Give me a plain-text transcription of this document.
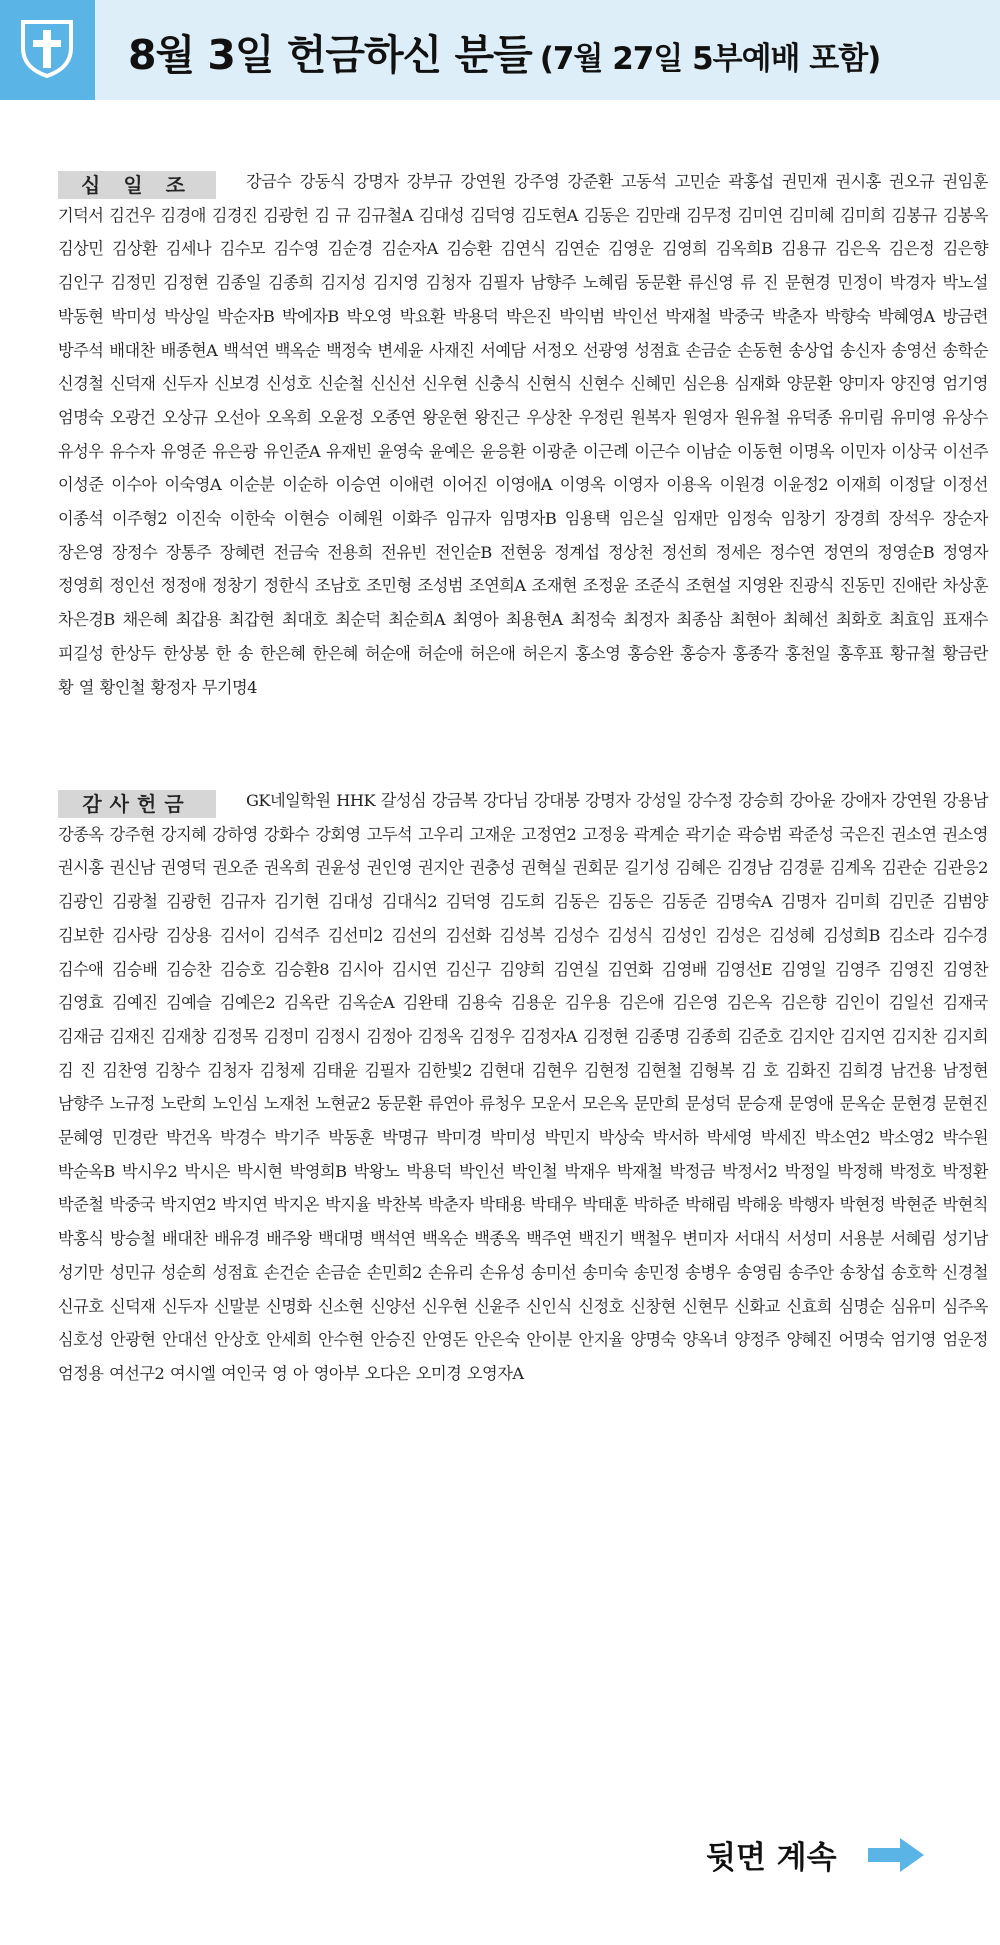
8월 3일 헌금하신 분들 (7월 27일 5부예배 포함)
십 일 조	강금수 강동식 강명자 강부규 강연원 강주영 강준환 고동석 고민순 곽홍섭 권민재 권시홍 권오규 권임훈 기덕서 김건우 김경애 김경진 김광헌 김 규 김규철A 김대성 김덕영 김도현A 김동은 김만래 김무정 김미연 김미혜 김미희 김봉규 김봉옥 김상민 김상환 김세나 김수모 김수영 김순경 김순자A 김승환 김연식 김연순 김영운 김영희 김옥희B 김용규 김은옥 김은정 김은향 김인구 김정민 김정현 김종일 김종희 김지성 김지영 김청자 김필자 남향주 노혜림 동문환 류신영 류 진 문현경 민정이 박경자 박노설 박동현 박미성 박상일 박순자B 박에자B 박오영 박요환 박용덕 박은진 박익범 박인선 박재철 박중국 박춘자 박향숙 박혜영A 방금련 방주석 배대찬 배종현A 백석연 백옥순 백정숙 변세윤 사재진 서예담 서정오 선광영 성점효 손금순 손동현 송상업 송신자 송영선 송학순 신경철 신덕재 신두자 신보경 신성호 신순철 신신선 신우현 신충식 신현식 신현수 신혜민 심은용 심재화 양문환 양미자 양진영 엄기영 엄명숙 오광건 오상규 오선아 오옥희 오윤정 오종연 왕운현 왕진근 우상찬 우정린 원복자 원영자 원유철 유덕종 유미림 유미영 유상수 유성우 유수자 유영준 유은광 유인준A 유재빈 윤영숙 윤예은 윤응환 이광춘 이근례 이근수 이남순 이동현 이명옥 이민자 이상국 이선주 이성준 이수아 이숙영A 이순분 이순하 이승연 이애련 이어진 이영애A 이영옥 이영자 이용옥 이원경 이윤정2 이재희 이정달 이정선 이종석 이주형2 이진숙 이한숙 이현승 이혜원 이화주 임규자 임명자B 임용택 임은실 임재만 임정숙 임창기 장경희 장석우 장순자 장은영 장정수 장통주 장혜련 전금숙 전용희 전유빈 전인순B 전현웅 정계섭 정상천 정선희 정세은 정수연 정연의 정영순B 정영자 정영희 정인선 정정애 정창기 정한식 조남호 조민형 조성범 조연희A 조재현 조정윤 조준식 조현설 지영완 진광식 진동민 진애란 차상훈 차은경B 채은혜 최갑용 최갑현 최대호 최순덕 최순희A 최영아 최용현A 최정숙 최정자 최종삼 최현아 최혜선 최화호 최효임 표재수 피길성 한상두 한상봉 한 송 한은혜 한은혜 허순애 허순애 허은애 허은지 홍소영 홍승완 홍승자 홍종각 홍천일 홍후표 황규철 황금란 황 열 황인철 황정자 무기명4

감사헌금	GK네일학원 HHK 갈성심 강금복 강다님 강대봉 강명자 강성일 강수정 강승희 강아윤 강애자 강연원 강용남 강종옥 강주현 강지혜 강하영 강화수 강회영 고두석 고우리 고재운 고정연2 고정웅 곽계순 곽기순 곽승범 곽준성 국은진 권소연 권소영 권시홍 권신남 권영덕 권오준 권옥희 권윤성 권인영 권지안 권충성 권혁실 권회문 길기성 김혜은 김경남 김경륜 김계옥 김관순 김관응2 김광인 김광철 김광헌 김규자 김기현 김대성 김대식2 김덕영 김도희 김동은 김동은 김동준 김명숙A 김명자 김미희 김민준 김범양 김보한 김사랑 김상용 김서이 김석주 김선미2 김선의 김선화 김성복 김성수 김성식 김성인 김성은 김성혜 김성희B 김소라 김수경 김수애 김승배 김승찬 김승호 김승환8 김시아 김시연 김신구 김양희 김연실 김연화 김영배 김영선E 김영일 김영주 김영진 김영찬 김영효 김예진 김예슬 김예은2 김옥란 김옥순A 김완태 김용숙 김용운 김우용 김은애 김은영 김은옥 김은향 김인이 김일선 김재국 김재금 김재진 김재창 김정목 김정미 김정시 김정아 김정옥 김정우 김정자A 김정현 김종명 김종희 김준호 김지안 김지연 김지찬 김지희 김 진 김찬영 김창수 김청자 김청제 김태윤 김필자 김한빛2 김현대 김현우 김현정 김현철 김형복 김 호 김화진 김희경 남건용 남정현 남향주 노규정 노란희 노인심 노재천 노현균2 동문환 류연아 류청우 모운서 모은옥 문만희 문성덕 문승재 문영애 문옥순 문현경 문현진 문혜영 민경란 박건옥 박경수 박기주 박동훈 박명규 박미경 박미성 박민지 박상숙 박서하 박세영 박세진 박소연2 박소영2 박수원 박순옥B 박시우2 박시은 박시현 박영희B 박왕노 박용덕 박인선 박인철 박재우 박재철 박정금 박정서2 박정일 박정해 박정호 박정환 박준철 박중국 박지연2 박지연 박지온 박지율 박찬복 박춘자 박태용 박태우 박태훈 박하준 박해림 박해웅 박행자 박현정 박현준 박현칙 박홍식 방승철 배대찬 배유경 배주왕 백대명 백석연 백옥순 백종옥 백주연 백진기 백철우 변미자 서대식 서성미 서용분 서혜림 성기남 성기만 성민규 성순희 성점효 손건순 손금순 손민희2 손유리 손유성 송미선 송미숙 송민정 송병우 송영림 송주안 송창섭 송호학 신경철 신규호 신덕재 신두자 신말분 신명화 신소현 신양선 신우현 신윤주 신인식 신정호 신창현 신현무 신화교 신효희 심명순 심유미 심주옥 심호성 안광현 안대선 안상호 안세희 안수현 안승진 안영돈 안은숙 안이분 안지율 양명숙 양옥녀 양정주 양혜진 어명숙 엄기영 엄운정 엄정용 여선구2 여시엘 여인국 영 아 영아부 오다은 오미경 오영자A

뒷면 계속
